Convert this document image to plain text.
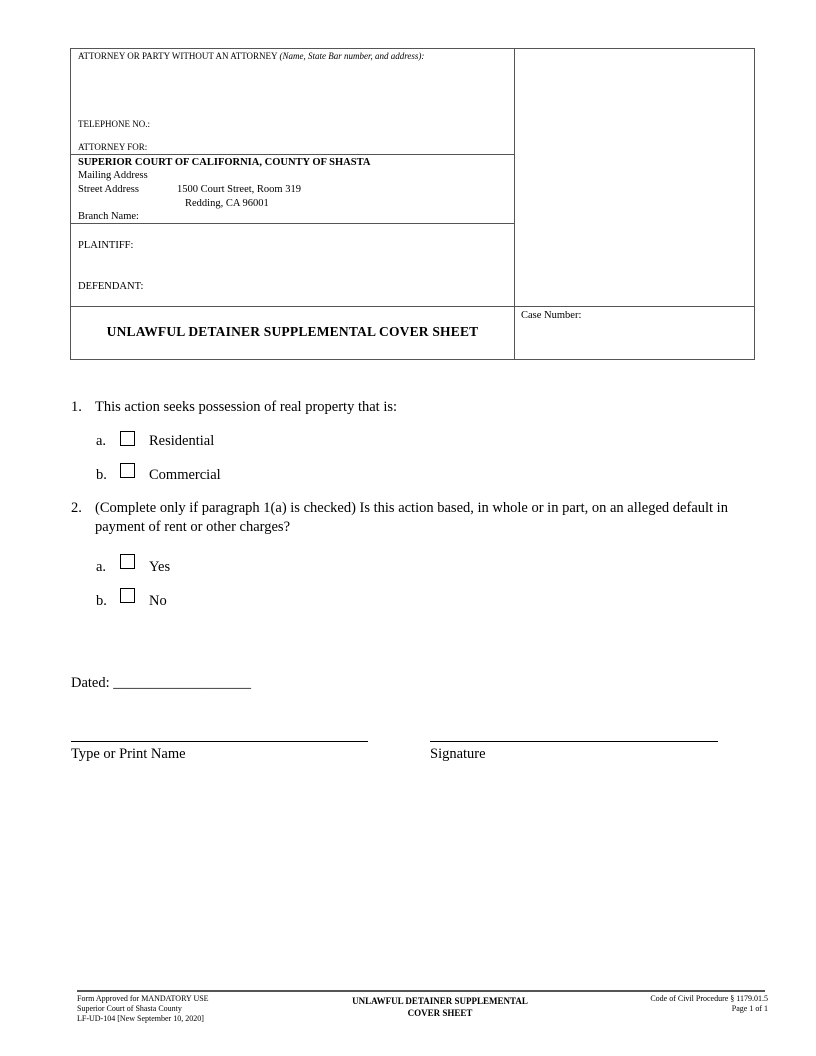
ATTORNEY OR PARTY WITHOUT AN ATTORNEY (Name, State Bar number, and address):
TELEPHONE NO.:
ATTORNEY FOR:
SUPERIOR COURT OF CALIFORNIA, COUNTY OF SHASTA
Mailing Address
Street Address	1500 Court Street, Room 319
Redding, CA 96001
Branch Name:
PLAINTIFF:
DEFENDANT:
UNLAWFUL DETAINER SUPPLEMENTAL COVER SHEET
Case Number:
1. This action seeks possession of real property that is:
a.	Residential
b.	Commercial
2. (Complete only if paragraph 1(a) is checked) Is this action based, in whole or in part, on an alleged default in
payment of rent or other charges?
a.	Yes
b.	No
Dated: ___________________
Type or Print Name	Signature
Form Approved for MANDATORY USE
Superior Court of Shasta County
LF-UD-104 [New September 10, 2020]
UNLAWFUL DETAINER SUPPLEMENTAL
COVER SHEET
Code of Civil Procedure § 1179.01.5
Page 1 of 1
